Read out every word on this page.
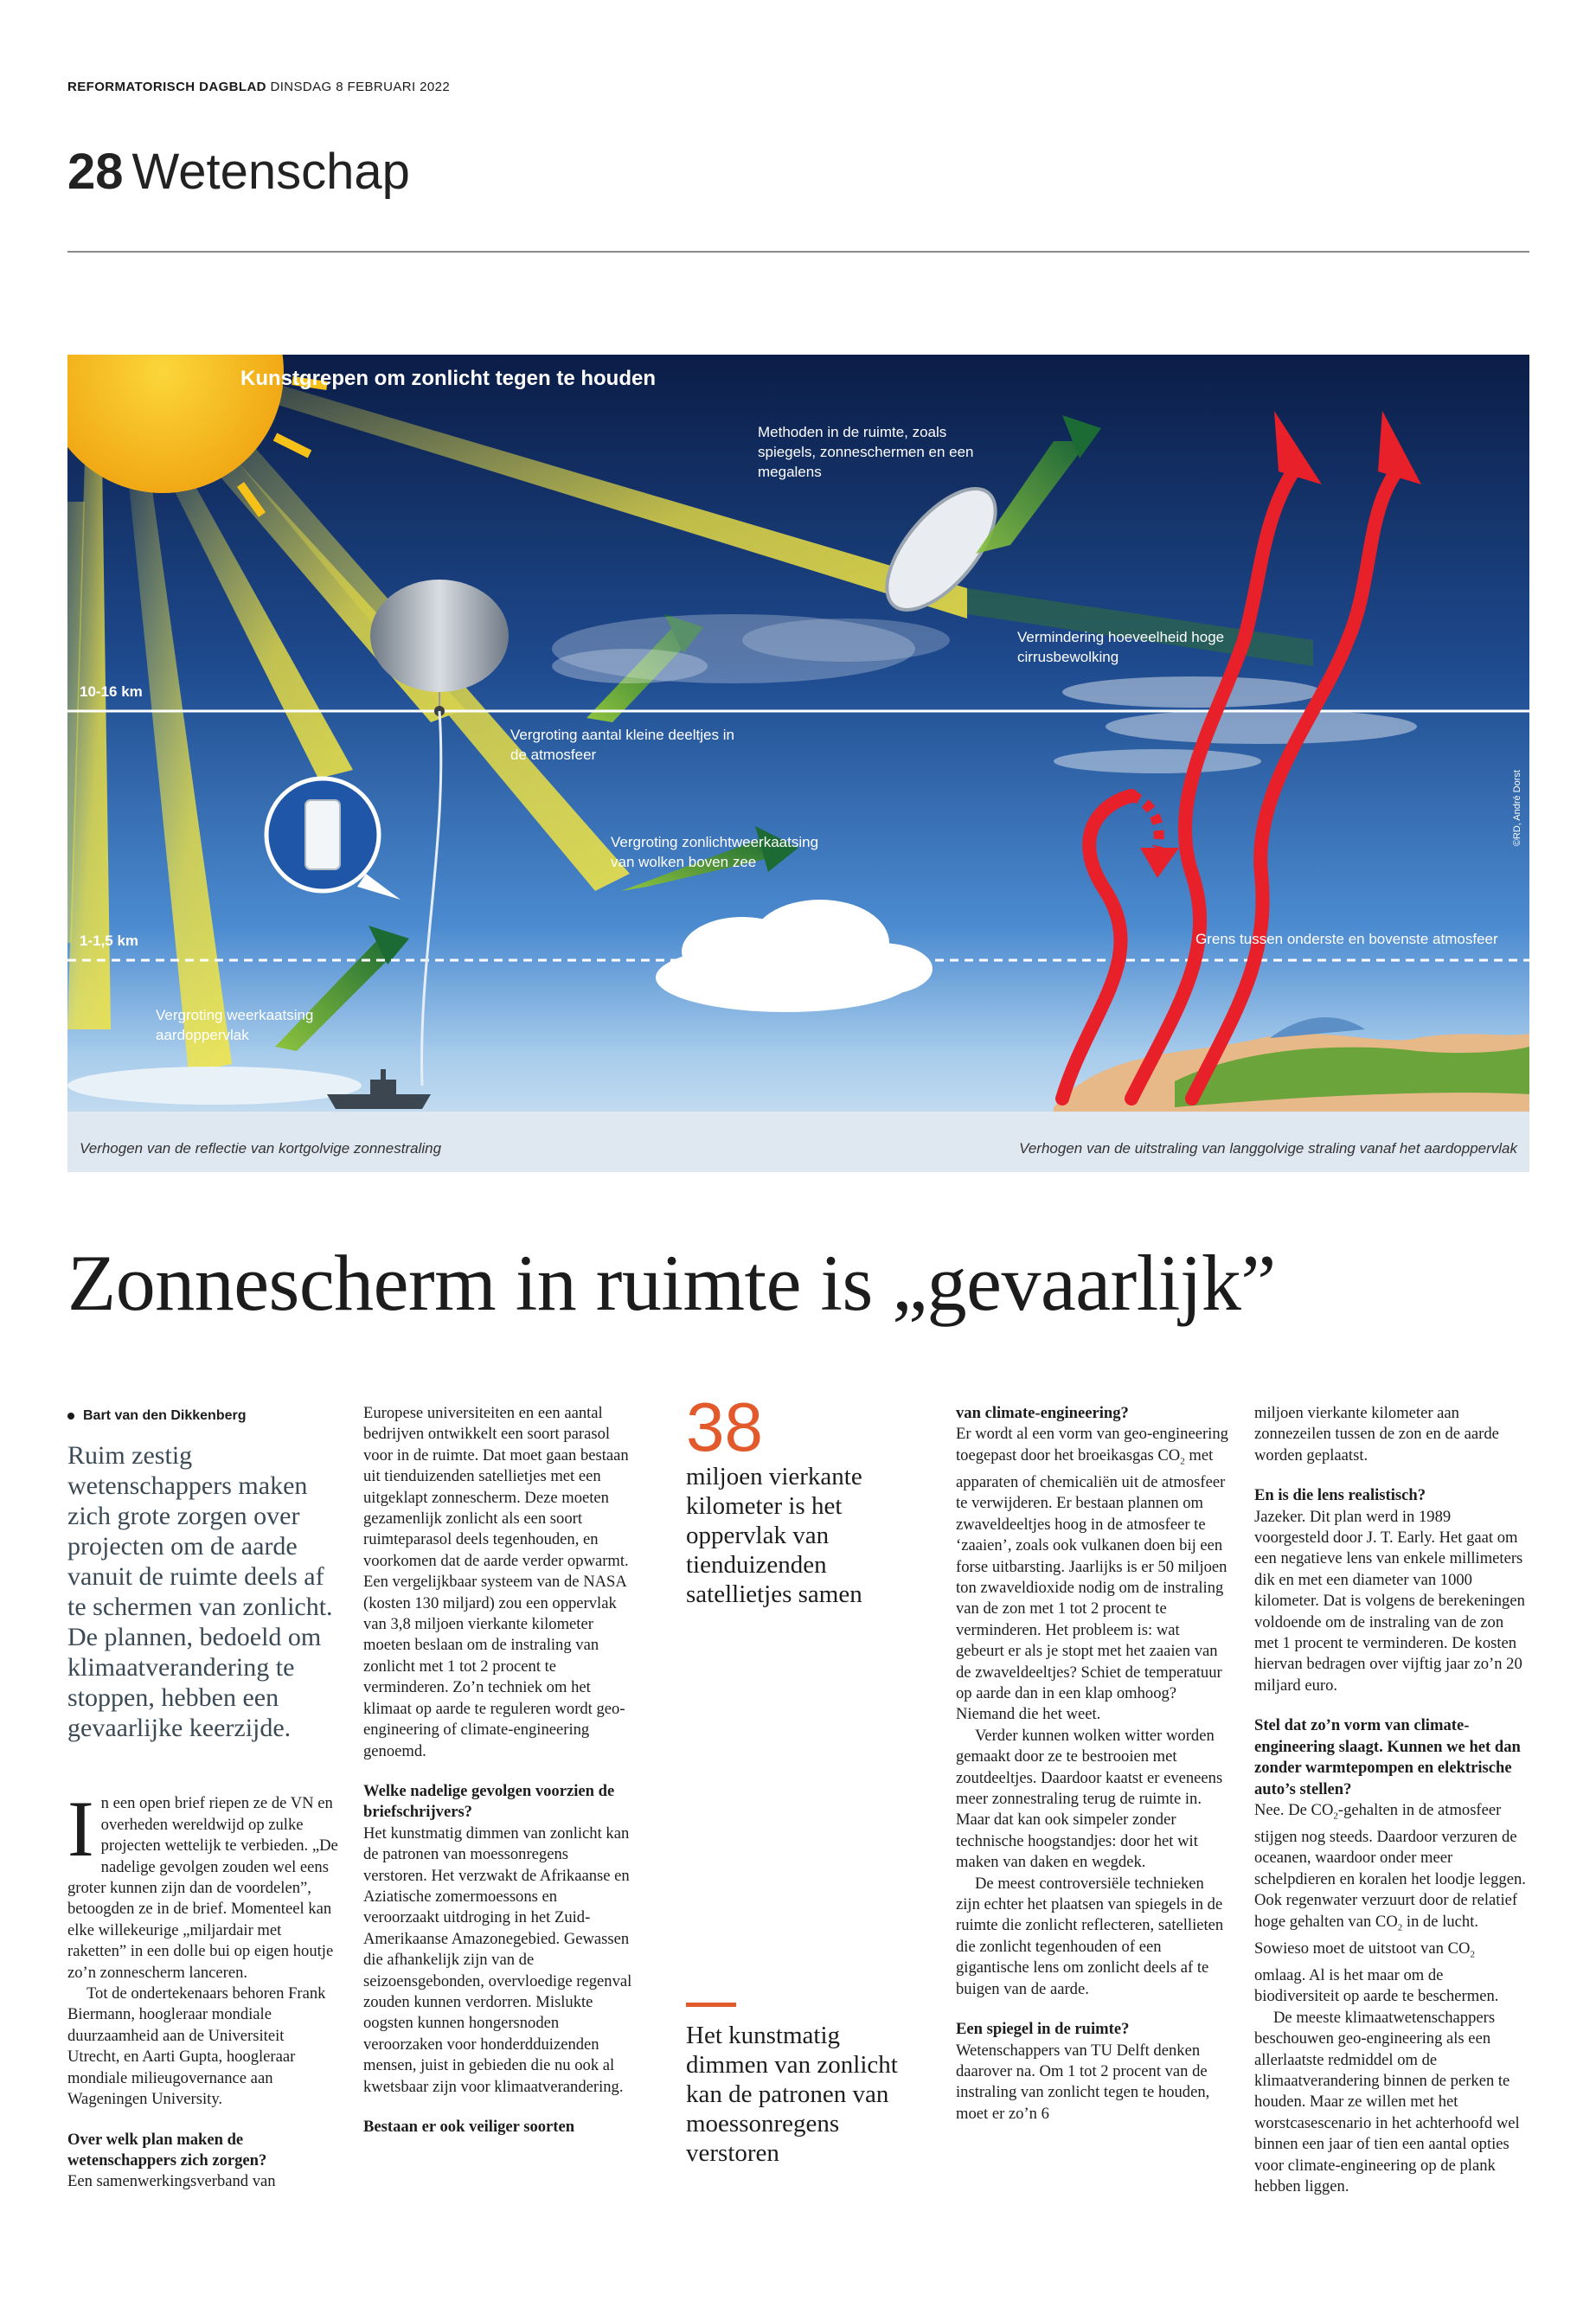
REFORMATORISCH DAGBLAD DINSDAG 8 FEBRUARI 2022
28 Wetenschap
Kunstgrepen om zonlicht tegen te houden
Methoden in de ruimte, zoals spiegels, zonneschermen en een megalens
Vermindering hoeveelheid hoge cirrusbewolking
10-16 km
Vergroting aantal kleine deeltjes in de atmosfeer
Vergroting zonlichtweerkaatsing van wolken boven zee
1-1,5 km	Grens tussen onderste en bovenste atmosfeer
Vergroting weerkaatsing aardoppervlak
Verhogen van de reflectie van kortgolvige zonnestraling	Verhogen van de uitstraling van langgolvige straling vanaf het aardoppervlak
©RD, André Dorst
Zonnescherm in ruimte is „gevaarlijk”
Bart van den Dikkenberg

Ruim zestig wetenschappers maken zich grote zorgen over projecten om de aarde vanuit de ruimte deels af te schermen van zonlicht. De plannen, bedoeld om klimaatverandering te stoppen, hebben een gevaarlijke keerzijde.

In een open brief riepen ze de VN en overheden wereldwijd op zulke projecten wettelijk te verbieden. „De nadelige gevolgen zouden wel eens groter kunnen zijn dan de voordelen”, betoogden ze in de brief. Momenteel kan elke willekeurige „miljardair met raketten” in een dolle bui op eigen houtje zo’n zonnescherm lanceren.

Tot de ondertekenaars behoren Frank Biermann, hoogleraar mondiale duurzaamheid aan de Universiteit Utrecht, en Aarti Gupta, hoogleraar mondiale milieugovernance aan Wageningen University.

Over welk plan maken de wetenschappers zich zorgen?

Een samenwerkingsverband van

Europese universiteiten en een aantal bedrijven ontwikkelt een soort parasol voor in de ruimte. Dat moet gaan bestaan uit tienduizenden satellietjes met een uitgeklapt zonnescherm. Deze moeten gezamenlijk zonlicht als een soort ruimteparasol deels tegenhouden, en voorkomen dat de aarde verder opwarmt. Een vergelijkbaar systeem van de NASA (kosten 130 miljard) zou een oppervlak van 3,8 miljoen vierkante kilometer moeten beslaan om de instraling van zonlicht met 1 tot 2 procent te verminderen. Zo’n techniek om het klimaat op aarde te reguleren wordt geo-engineering of climate-engineering genoemd.

Welke nadelige gevolgen voorzien de briefschrijvers?

Het kunstmatig dimmen van zonlicht kan de patronen van moessonregens verstoren. Het verzwakt de Afrikaanse en Aziatische zomermoessons en veroorzaakt uitdroging in het Zuid-Amerikaanse Amazonegebied. Gewassen die afhankelijk zijn van de seizoensgebonden, overvloedige regenval zouden kunnen verdorren. Mislukte oogsten kunnen hongersnoden veroorzaken voor honderdduizenden mensen, juist in gebieden die nu ook al kwetsbaar zijn voor klimaatverandering.

Bestaan er ook veiliger soorten
38

miljoen vierkante kilometer is het oppervlak van tienduizenden satellietjes samen

Het kunstmatig dimmen van zonlicht kan de patronen van moessonregens verstoren

van climate-engineering?

Er wordt al een vorm van geo-engineering toegepast door het broeikasgas $CO_2$ met apparaten of chemicaliën uit de atmosfeer te verwijderen. Er bestaan plannen om zwaveldeeltjes hoog in de atmosfeer te ‘zaaien’, zoals ook vulkanen doen bij een forse uitbarsting. Jaarlijks is er 50 miljoen ton zwaveldioxide nodig om de instraling van de zon met 1 tot 2 procent te verminderen. Het probleem is: wat gebeurt er als je stopt met het zaaien van de zwaveldeeltjes? Schiet de temperatuur op aarde dan in een klap omhoog? Niemand die het weet.

Verder kunnen wolken witter worden gemaakt door ze te bestrooien met zoutdeeltjes. Daardoor kaatst er eveneens meer zonnestraling terug de ruimte in. Maar dat kan ook simpeler zonder technische hoogstandjes: door het wit maken van daken en wegdek.

De meest controversiële technieken zijn echter het plaatsen van spiegels in de ruimte die zonlicht reflecteren, satellieten die zonlicht tegenhouden of een gigantische lens om zonlicht deels af te buigen van de aarde.

Een spiegel in de ruimte?

Wetenschappers van TU Delft denken daarover na. Om 1 tot 2 procent van de instraling van zonlicht tegen te houden, moet er zo’n 6

miljoen vierkante kilometer aan zonnezeilen tussen de zon en de aarde worden geplaatst.

En is die lens realistisch?

Jazeker. Dit plan werd in 1989 voorgesteld door J. T. Early. Het gaat om een negatieve lens van enkele millimeters dik en met een diameter van 1000 kilometer. Dat is volgens de berekeningen voldoende om de instraling van de zon met 1 procent te verminderen. De kosten hiervan bedragen over vijftig jaar zo’n 20 miljard euro.

Stel dat zo’n vorm van climate-engineering slaagt. Kunnen we het dan zonder warmtepompen en elektrische auto’s stellen?

Nee. De $CO_2$-gehalten in de atmosfeer stijgen nog steeds. Daardoor verzuren de oceanen, waardoor onder meer schelpdieren en koralen het loodje leggen. Ook regenwater verzuurt door de relatief hoge gehalten van $CO_2$ in de lucht. Sowieso moet de uitstoot van $CO_2$ omlaag. Al is het maar om de biodiversiteit op aarde te beschermen.

De meeste klimaatwetenschappers beschouwen geo-engineering als een allerlaatste redmiddel om de klimaatverandering binnen de perken te houden. Maar ze willen met het worstcasescenario in het achterhoofd wel binnen een jaar of tien een aantal opties voor climate-engineering op de plank hebben liggen.
